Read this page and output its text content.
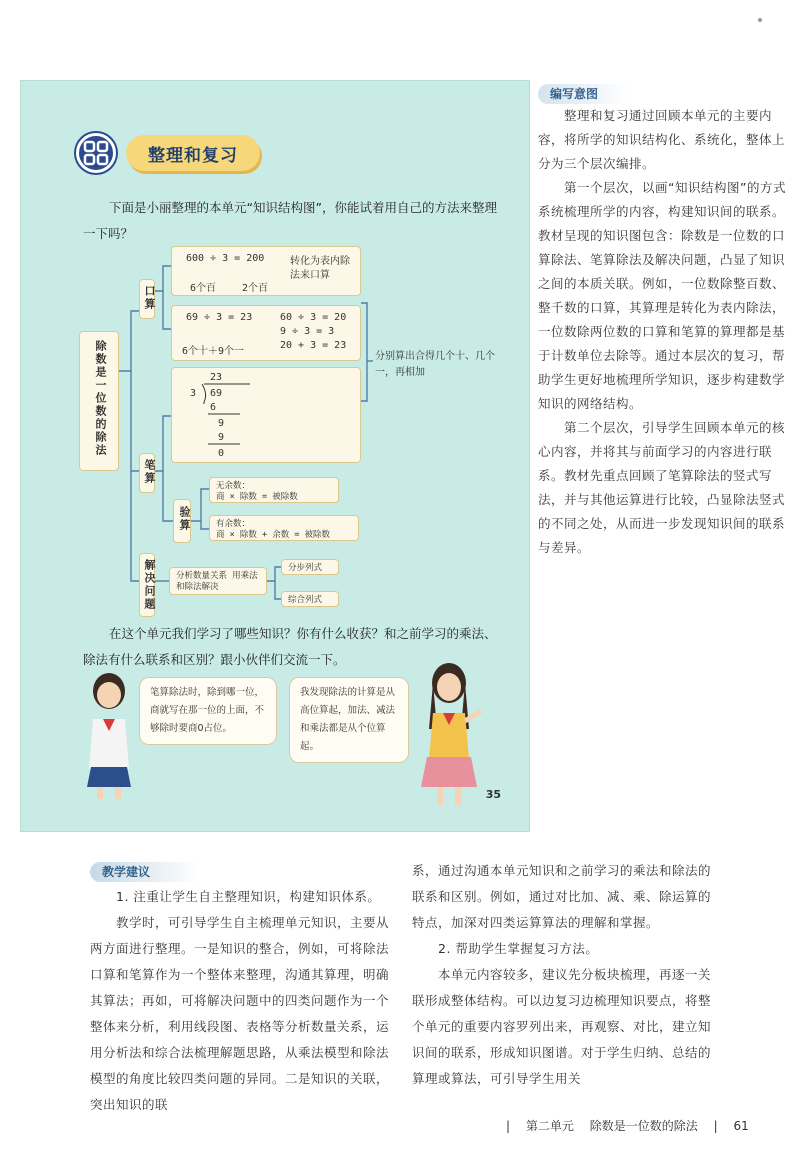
整理和复习
下面是小丽整理的本单元“知识结构图”，你能试着用自己的方法来整理一下吗？
除数是一位数的除法
口算
笔算
解决问题
600 ÷ 3 = 200
6个百	2个百
转化为表内除法来口算
69 ÷ 3 = 23
6个十＋9个一
60 ÷ 3 = 20
9 ÷ 3 = 3
20 + 3 = 23
23
3 69
6
9
9
0
分别算出合得几个十、几个一，再相加
验算
无余数：
商 × 除数 = 被除数
有余数：
商 × 除数 + 余数 = 被除数
分析数量关系 用乘法和除法解决
分步列式
综合列式
在这个单元我们学习了哪些知识？你有什么收获？和之前学习的乘法、除法有什么联系和区别？跟小伙伴们交流一下。
笔算除法时，除到哪一位，商就写在那一位的上面，不够除时要商0占位。
我发现除法的计算是从高位算起，加法、减法和乘法都是从个位算起。
35
编写意图

整理和复习通过回顾本单元的主要内容，将所学的知识结构化、系统化，整体上分为三个层次编排。

第一个层次，以画“知识结构图”的方式系统梳理所学的内容，构建知识间的联系。教材呈现的知识图包含：除数是一位数的口算除法、笔算除法及解决问题，凸显了知识之间的本质关联。例如，一位数除整百数、整千数的口算，其算理是转化为表内除法，一位数除两位数的口算和笔算的算理都是基于计数单位去除等。通过本层次的复习，帮助学生更好地梳理所学知识，逐步构建数学知识的网络结构。

第二个层次，引导学生回顾本单元的核心内容，并将其与前面学习的内容进行联系。教材先重点回顾了笔算除法的竖式写法，并与其他运算进行比较，凸显除法竖式的不同之处，从而进一步发现知识间的联系与差异。

教学建议

1. 注重让学生自主整理知识，构建知识体系。

教学时，可引导学生自主梳理单元知识，主要从两方面进行整理。一是知识的整合，例如，可将除法口算和笔算作为一个整体来整理，沟通其算理，明确其算法；再如，可将解决问题中的四类问题作为一个整体来分析，利用线段图、表格等分析数量关系，运用分析法和综合法梳理解题思路，从乘法模型和除法模型的角度比较四类问题的异同。二是知识的关联，突出知识的联

系，通过沟通本单元知识和之前学习的乘法和除法的联系和区别。例如，通过对比加、减、乘、除运算的特点，加深对四类运算算法的理解和掌握。

2. 帮助学生掌握复习方法。

本单元内容较多，建议先分板块梳理，再逐一关联形成整体结构。可以边复习边梳理知识要点，将整个单元的重要内容罗列出来，再观察、对比，建立知识间的联系，形成知识图谱。对于学生归纳、总结的算理或算法，可引导学生用关

| 第二单元 除数是一位数的除法 | 61
